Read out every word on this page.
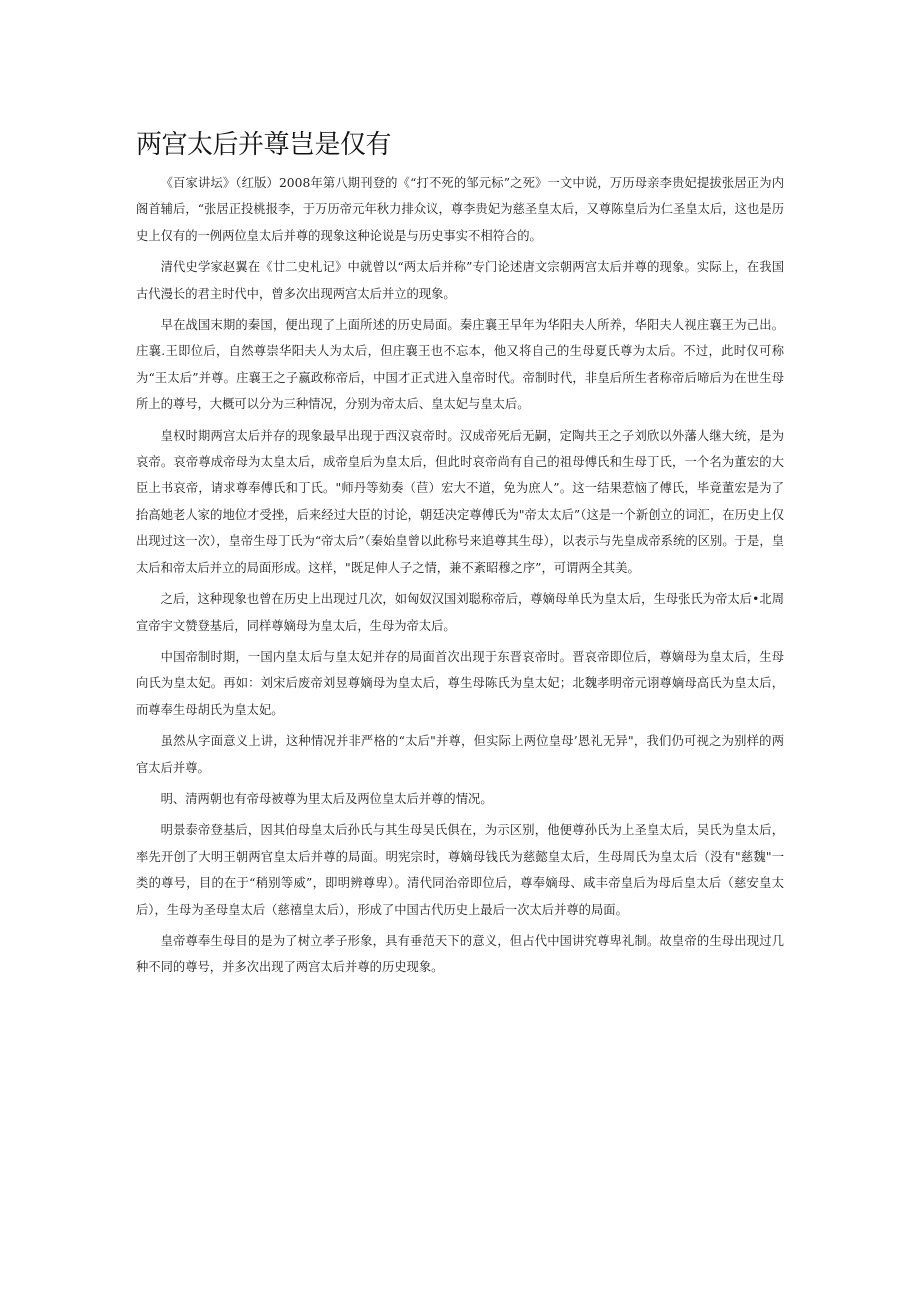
两宫太后并尊岂是仅有

《百家讲坛》（红版）2008年第八期刊登的《“打不死的邹元标”之死》一文中说，万历母亲李贵妃提拔张居正为内阁首辅后，“张居正投桃报李，于万历帝元年秋力排众议，尊李贵妃为慈圣皇太后，又尊陈皇后为仁圣皇太后，这也是历史上仅有的一例两位皇太后并尊的现象这种论说是与历史事实不相符合的。

清代史学家赵翼在《廿二史札记》中就曾以“两太后并称”专门论述唐文宗朝两宫太后并尊的现象。实际上，在我国古代漫长的君主时代中，曾多次出现两宫太后并立的现象。

早在战国末期的秦国，便出现了上面所述的历史局面。秦庄襄王早年为华阳夫人所养，华阳夫人视庄襄王为己出。庄襄.王即位后，自然尊崇华阳夫人为太后，但庄襄王也不忘本，他又将自己的生母夏氏尊为太后。不过，此时仅可称为“王太后”并尊。庄襄王之子嬴政称帝后，中国才正式进入皇帝时代。帝制时代，非皇后所生者称帝后啼后为在世生母所上的尊号，大概可以分为三种情况，分别为帝太后、皇太妃与皇太后。

皇权时期两宫太后并存的现象最早出现于西汉哀帝时。汉成帝死后无嗣，定陶共王之子刘欣以外藩人继大统，是为哀帝。哀帝尊成帝母为太皇太后，成帝皇后为皇太后，但此时哀帝尚有自己的祖母傅氏和生母丁氏，一个名为董宏的大臣上书哀帝，请求尊奉傅氏和丁氏。"师丹等劾奏（苣）宏大不道，免为庶人”。这一结果惹恼了傅氏，毕竟董宏是为了抬高她老人家的地位才受挫，后来经过大臣的讨论，朝廷决定尊傅氏为"帝太太后”（这是一个新创立的词汇，在历史上仅出现过这一次），皇帝生母丁氏为“帝太后”（秦始皇曾以此称号来追尊其生母），以表示与先皇成帝系统的区别。于是，皇太后和帝太后并立的局面形成。这样，"既足伸人子之情，兼不紊昭穆之序”，可谓两全其美。

之后，这种现象也曾在历史上出现过几次，如匈奴汉国刘聪称帝后，尊嫡母单氏为皇太后，生母张氏为帝太后•北周宣帝宇文赞登基后，同样尊嫡母为皇太后，生母为帝太后。

中国帝制时期，一国内皇太后与皇太妃并存的局面首次出现于东晋哀帝时。晋哀帝即位后，尊嫡母为皇太后，生母向氏为皇太妃。再如：刘宋后废帝刘昱尊嫡母为皇太后，尊生母陈氏为皇太妃；北魏孝明帝元诩尊嫡母高氏为皇太后，而尊奉生母胡氏为皇太妃。

虽然从字面意义上讲，这种情况并非严格的“太后"并尊，但实际上两位皇母’恩礼无异"，我们仍可视之为别样的两官太后并尊。

明、清两朝也有帝母被尊为里太后及两位皇太后并尊的情况。

明景泰帝登基后，因其伯母皇太后孙氏与其生母吴氏俱在，为示区别，他便尊孙氏为上圣皇太后，吴氏为皇太后，率先开创了大明王朝两官皇太后并尊的局面。明宪宗时，尊嫡母钱氏为慈懿皇太后，生母周氏为皇太后（没有"慈魏"一类的尊号，目的在于“稍别等威”，即明辨尊卑）。清代同治帝即位后，尊奉嫡母、咸丰帝皇后为母后皇太后（慈安皇太后），生母为圣母皇太后（慈禧皇太后），形成了中国古代历史上最后一次太后并尊的局面。

皇帝尊奉生母目的是为了树立孝子形象，具有垂范天下的意义，但占代中国讲究尊卑礼制。故皇帝的生母出现过几种不同的尊号，并多次出现了两宫太后并尊的历史现象。
